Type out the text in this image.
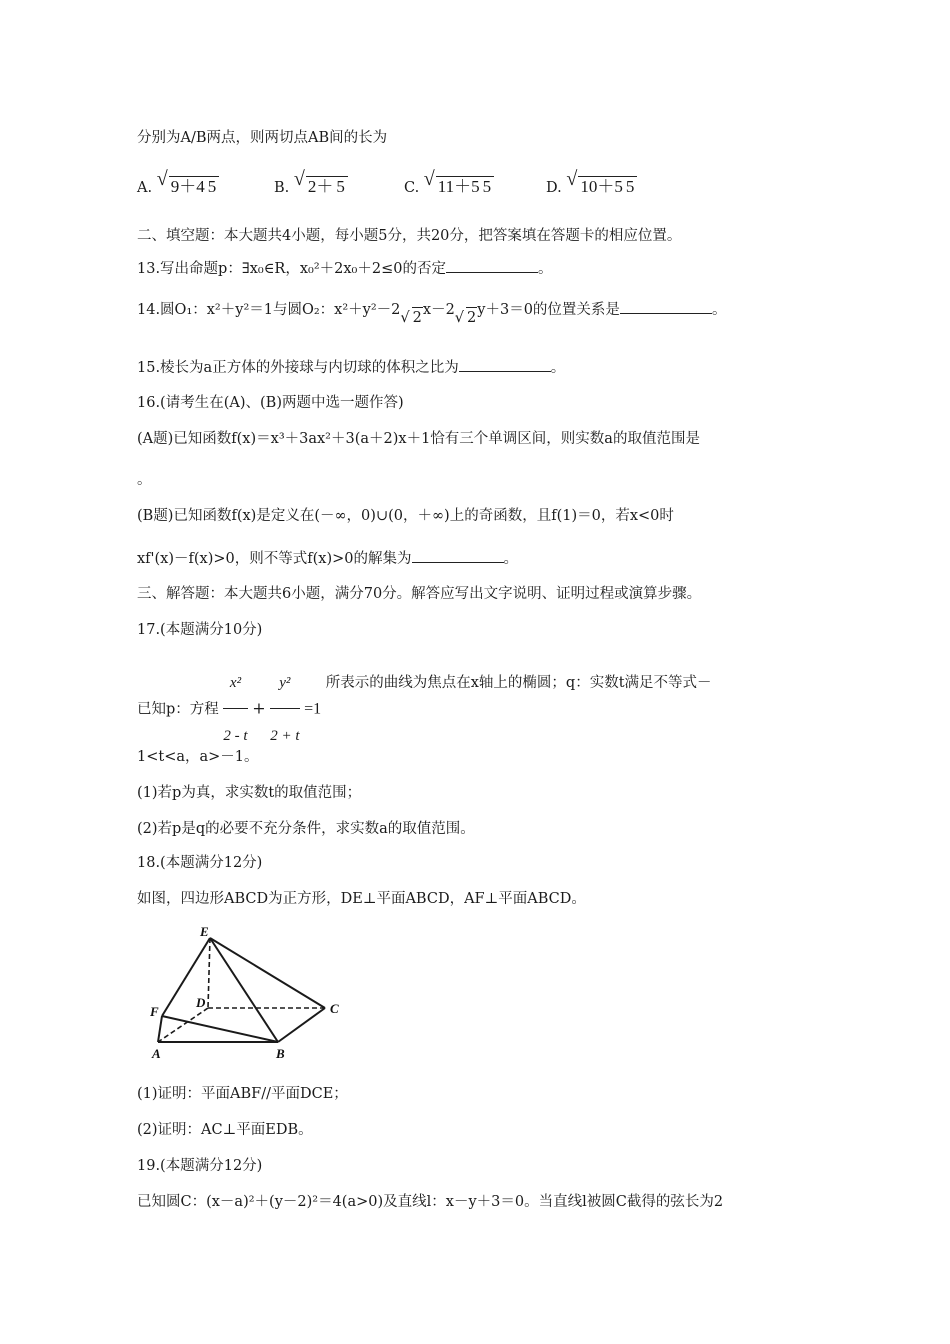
分别为A/B两点，则两切点AB间的长为
A. √ 9＋4 5	B. √ 2＋ 5	C. √ 11＋5 5	D. √ 10＋5 5
二、填空题：本大题共4小题，每小题5分，共20分，把答案填在答题卡的相应位置。
13.写出命题p：∃x₀∈R，x₀²＋2x₀＋2≤0的否定	。
14.圆O₁：x²＋y²＝1与圆O₂：x²＋y²－2√ 2x－2√ 2y＋3＝0的位置关系是	。
15.棱长为a正方体的外接球与内切球的体积之比为	。
16.(请考生在(A)、(B)两题中选一题作答)
(A题)已知函数f(x)＝x³＋3ax²＋3(a＋2)x＋1恰有三个单调区间，则实数a的取值范围是
。
(B题)已知函数f(x)是定义在(－∞，0)∪(0，＋∞)上的奇函数，且f(1)＝0，若x<0时
xf'(x)－f(x)>0，则不等式f(x)>0的解集为	。
三、解答题：本大题共6小题，满分70分。解答应写出文字说明、证明过程或演算步骤。
17.(本题满分10分)
已知p：方程 $\frac{\text{x²}}{2 - t} + \frac{\text{y²}}{2 + t} =1$ 所表示的曲线为焦点在x轴上的椭圆；q：实数t满足不等式－
1<t<a，a>－1。
(1)若p为真，求实数t的取值范围；
(2)若p是q的必要不充分条件，求实数a的取值范围。
18.(本题满分12分)
如图，四边形ABCD为正方形，DE⊥平面ABCD，AF⊥平面ABCD。
E
F
D	C
A	B
(1)证明：平面ABF//平面DCE；
(2)证明：AC⊥平面EDB。
19.(本题满分12分)
已知圆C：(x－a)²＋(y－2)²＝4(a>0)及直线l：x－y＋3＝0。当直线l被圆C截得的弦长为2
